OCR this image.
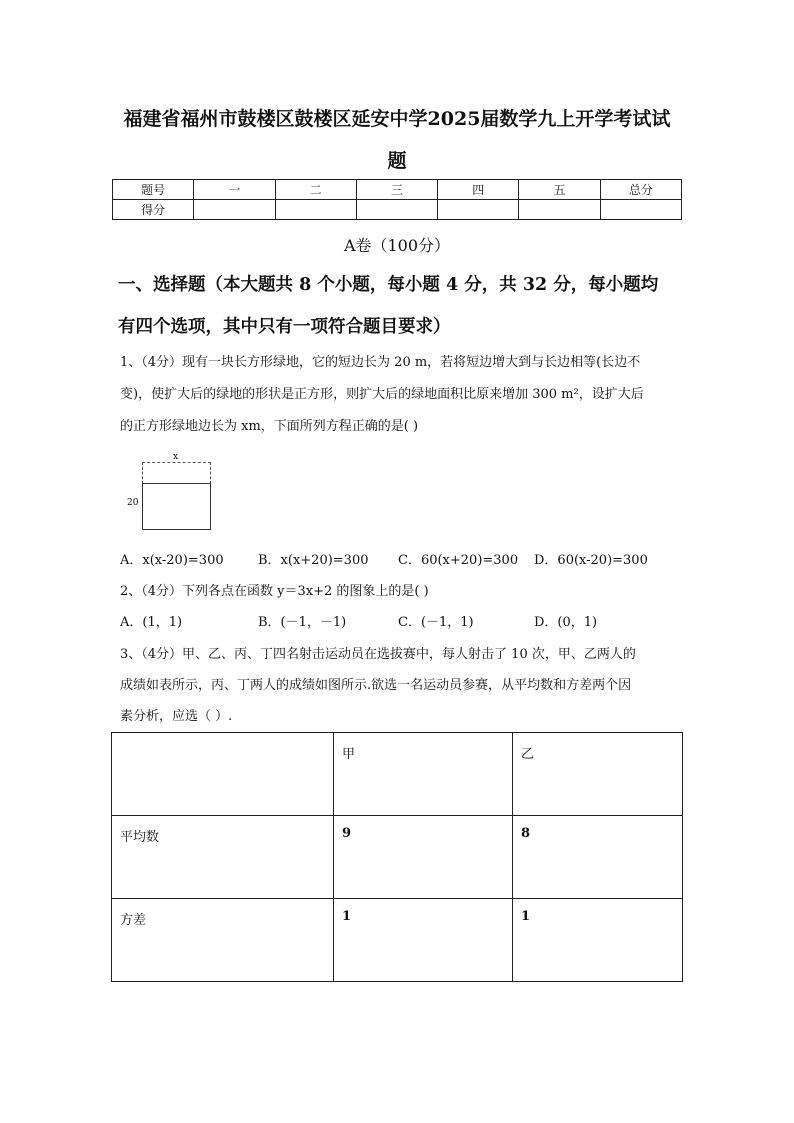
福建省福州市鼓楼区鼓楼区延安中学2025届数学九上开学考试试
题
题号	一	二	三	四	五	总分
得分						
A卷（100分）
一、选择题（本大题共 8 个小题，每小题 4 分，共 32 分，每小题均
有四个选项，其中只有一项符合题目要求）
1、（4分）现有一块长方形绿地，它的短边长为 20 m，若将短边增大到与长边相等(长边不
变)，使扩大后的绿地的形状是正方形，则扩大后的绿地面积比原来增加 300 m²，设扩大后
的正方形绿地边长为 xm，下面所列方程正确的是( )
x
20
A．x(x-20)=300	B．x(x+20)=300 C．60(x+20)=300 D．60(x-20)=300
2、（4分）下列各点在函数 y＝3x+2 的图象上的是( )
A．(1，1)	B．(－1，－1)	C．(－1，1)	D．(0，1)
3、（4分）甲、乙、丙、丁四名射击运动员在选拔赛中，每人射击了 10 次，甲、乙两人的
成绩如表所示，丙、丁两人的成绩如图所示.欲选一名运动员参赛，从平均数和方差两个因
素分析，应选（ ）.
	甲	乙
平均数	9	8
方差	1	1
